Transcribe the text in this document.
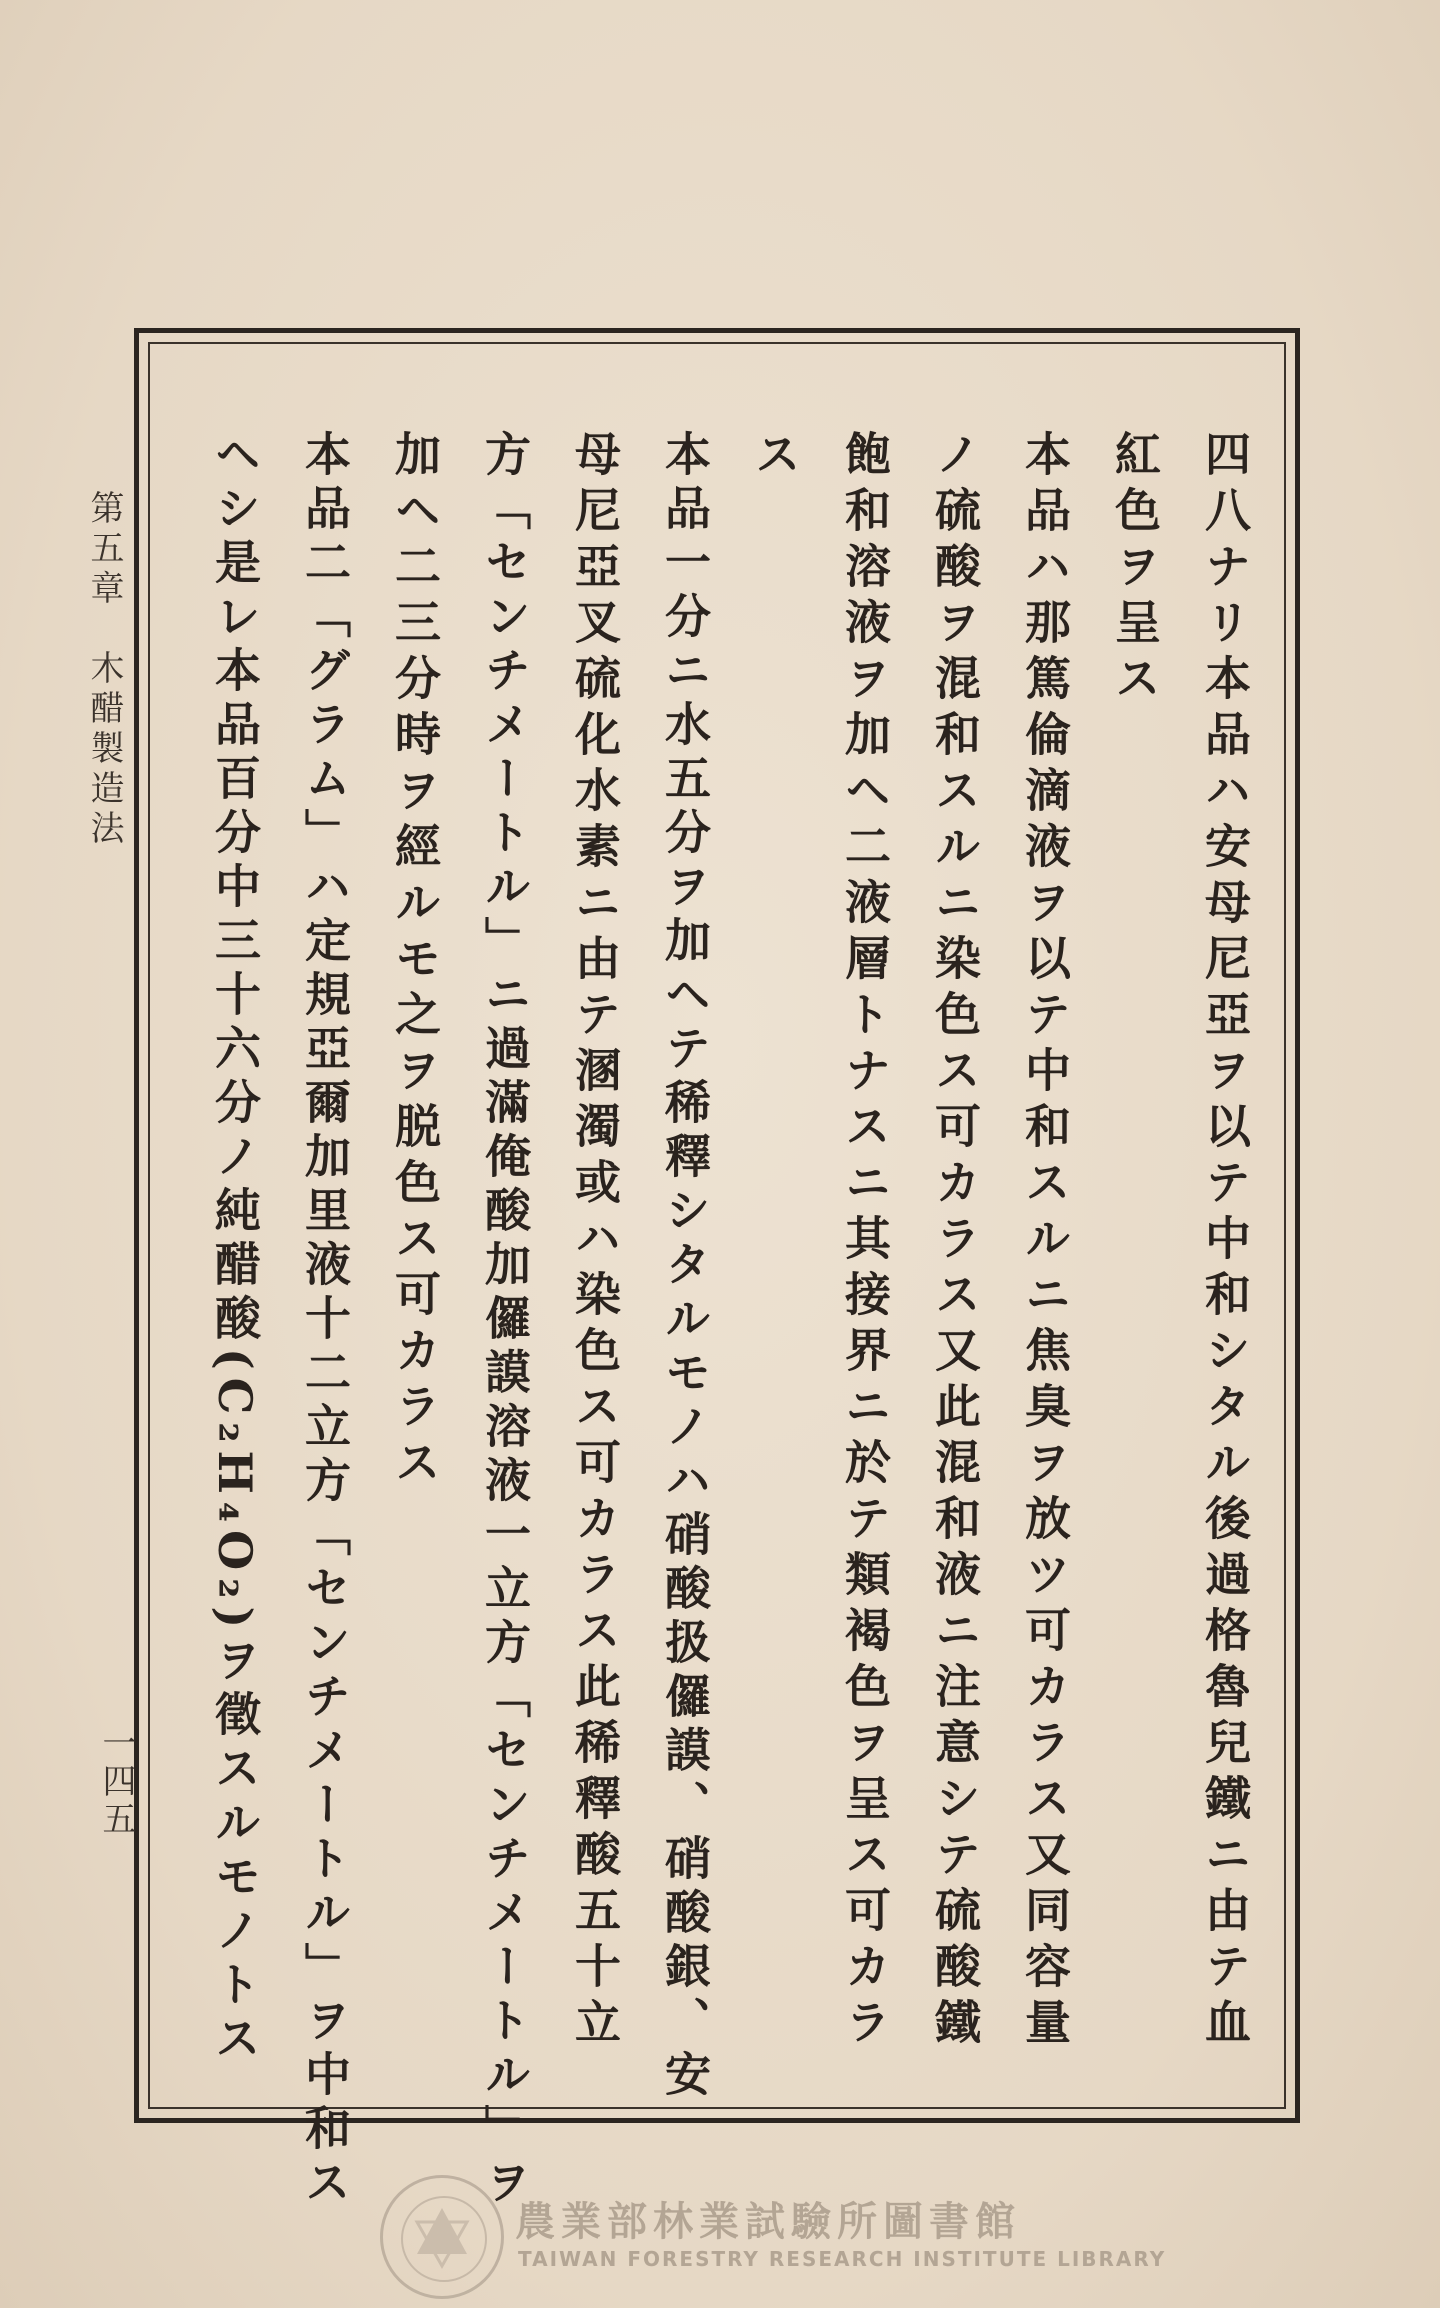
四八ナリ本品ハ安母尼亞ヲ以テ中和シタル後過格魯兒鐵ニ由テ血
紅色ヲ呈ス
本品ハ那篤倫滴液ヲ以テ中和スルニ焦臭ヲ放ツ可カラス又同容量
ノ硫酸ヲ混和スルニ染色ス可カラス又此混和液ニ注意シテ硫酸鐵
飽和溶液ヲ加ヘ二液層トナスニ其接界ニ於テ類褐色ヲ呈ス可カラ
ス
本品一分ニ水五分ヲ加ヘテ稀釋シタルモノハ硝酸扱儸謨、硝酸銀、安
母尼亞叉硫化水素ニ由テ溷濁或ハ染色ス可カラス此稀釋酸五十立
方「センチメートル」ニ過滿俺酸加儸謨溶液一立方「センチメートル」ヲ
加ヘ二三分時ヲ經ルモ之ヲ脱色ス可カラス
本品二「グラム」ハ定規亞爾加里液十二立方「センチメートル」ヲ中和ス
ヘシ是レ本品百分中三十六分ノ純醋酸(C₂H₄O₂)ヲ徵スルモノトス
第五章　木醋製造法
一四五
農業部林業試驗所圖書館
TAIWAN FORESTRY RESEARCH INSTITUTE LIBRARY
